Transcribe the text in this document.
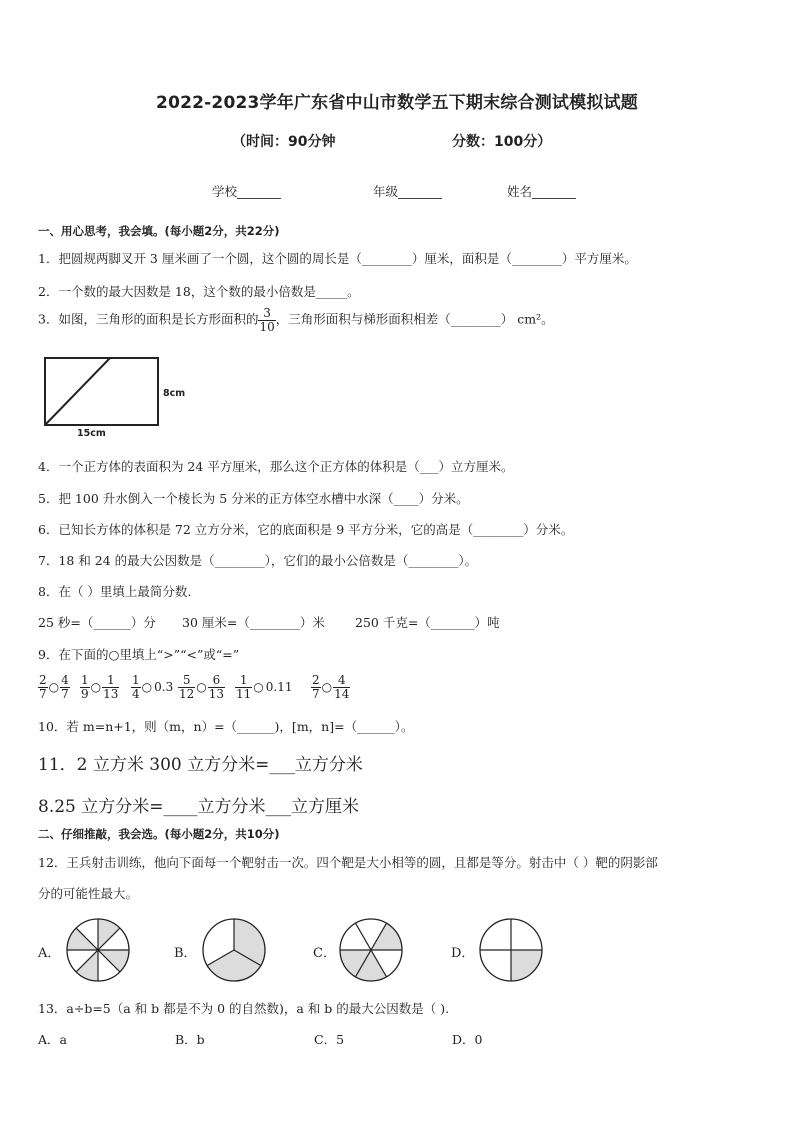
2022-2023学年广东省中山市数学五下期末综合测试模拟试题
（时间：90分钟	分数：100分）
学校_______	年级_______	姓名_______
一、用心思考，我会填。(每小题2分，共22分)
1．把圆规两脚叉开 3 厘米画了一个圆，这个圆的周长是（________）厘米，面积是（________）平方厘米。
2．一个数的最大因数是 18，这个数的最小倍数是_____。
3．如图，三角形的面积是长方形面积的 $\frac{3}{10}$ ，三角形面积与梯形面积相差（________） cm²。
8cm
15cm
4．一个正方体的表面积为 24 平方厘米，那么这个正方体的体积是（___）立方厘米。
5．把 100 升水倒入一个棱长为 5 分米的正方体空水槽中水深（____）分米。
6．已知长方体的体积是 72 立方分米，它的底面积是 9 平方分米，它的高是（________）分米。
7．18 和 24 的最大公因数是（________），它们的最小公倍数是（________）。
8．在（ ）里填上最简分数.
25 秒=（______）分 30 厘米=（________）米 250 千克=（_______）吨
9．在下面的○里填上“>”“<”或“=”
$\frac{2}{7}$ ○ $\frac{4}{7} \frac{1}{9}$ ○ $\frac{1}{13} \frac{1}{4}$ ○ $0.3 \frac{5}{12}$ ○ $\frac{6}{13} \frac{1}{11}$ ○ $0.11 \frac{2}{7}$ ○ $\frac{4}{14}$
10．若 m=n+1，则（m，n）=（______)，[m，n]=（______）。
11．2 立方米 300 立方分米=___立方分米
8.25 立方分米=____立方分米___立方厘米
二、仔细推敲，我会选。(每小题2分，共10分)
12．王兵射击训练，他向下面每一个靶射击一次。四个靶是大小相等的圆，且都是等分。射击中（ ）靶的阴影部
分的可能性最大。
A．	B．	C．	D．
13．a÷b=5（a 和 b 都是不为 0 的自然数)，a 和 b 的最大公因数是（ ).
A．a	B．b	C．5	D．0
